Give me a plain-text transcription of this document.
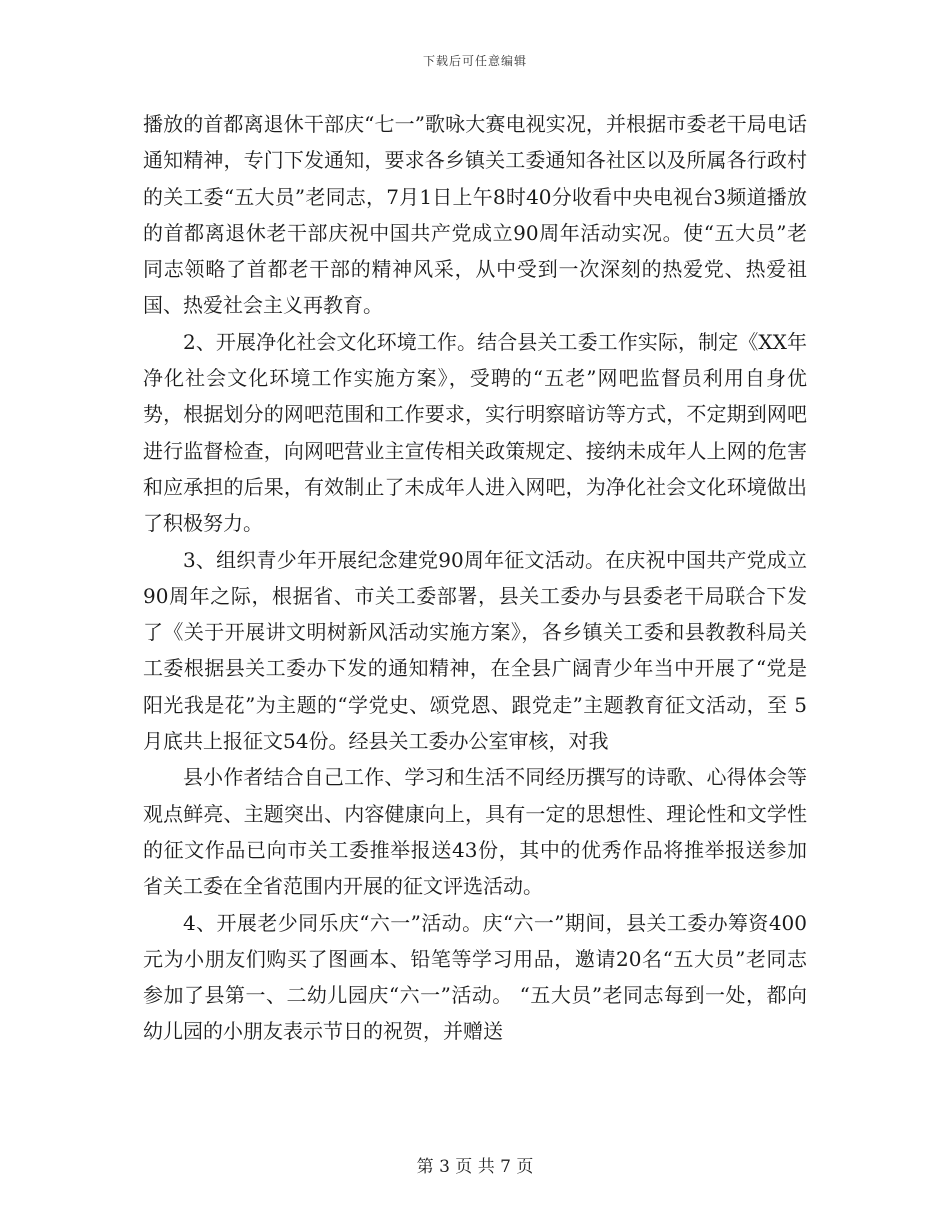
下载后可任意编辑

播放的首都离退休干部庆“七一”歌咏大赛电视实况，并根据市委老干局电话通知精神，专门下发通知，要求各乡镇关工委通知各社区以及所属各行政村的关工委“五大员”老同志，7月1日上午8时40分收看中央电视台3频道播放的首都离退休老干部庆祝中国共产党成立90周年活动实况。使“五大员”老同志领略了首都老干部的精神风采，从中受到一次深刻的热爱党、热爱祖国、热爱社会主义再教育。

2、开展净化社会文化环境工作。结合县关工委工作实际，制定《XX年净化社会文化环境工作实施方案》，受聘的“五老”网吧监督员利用自身优势，根据划分的网吧范围和工作要求，实行明察暗访等方式，不定期到网吧进行监督检查，向网吧营业主宣传相关政策规定、接纳未成年人上网的危害和应承担的后果，有效制止了未成年人进入网吧，为净化社会文化环境做出了积极努力。

3、组织青少年开展纪念建党90周年征文活动。在庆祝中国共产党成立90周年之际，根据省、市关工委部署，县关工委办与县委老干局联合下发了《关于开展讲文明树新风活动实施方案》，各乡镇关工委和县教教科局关工委根据县关工委办下发的通知精神，在全县广阔青少年当中开展了“党是阳光我是花”为主题的“学党史、颂党恩、跟党走”主题教育征文活动，至 5月底共上报征文54份。经县关工委办公室审核，对我

县小作者结合自己工作、学习和生活不同经历撰写的诗歌、心得体会等观点鲜亮、主题突出、内容健康向上，具有一定的思想性、理论性和文学性的征文作品已向市关工委推举报送43份，其中的优秀作品将推举报送参加省关工委在全省范围内开展的征文评选活动。

4、开展老少同乐庆“六一”活动。庆“六一”期间，县关工委办筹资400元为小朋友们购买了图画本、铅笔等学习用品，邀请20名“五大员”老同志参加了县第一、二幼儿园庆“六一”活动。 “五大员”老同志每到一处，都向幼儿园的小朋友表示节日的祝贺，并赠送

第 3 页 共 7 页
